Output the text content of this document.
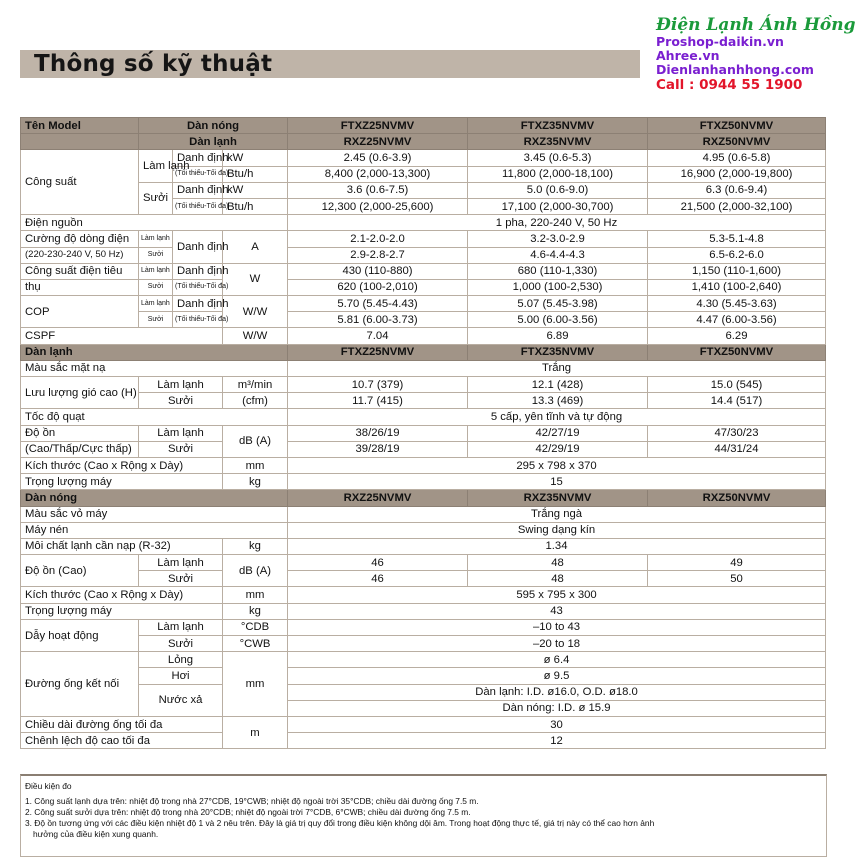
Thông số kỹ thuật
Điện Lạnh Ánh Hồng
Proshop-daikin.vn
Ahree.vn
Dienlanhanhhong.com
Call : 0944 55 1900
Tên Model	Dàn nóng			FTXZ25NVMV	FTXZ35NVMV	FTXZ50NVMV
	Dàn lạnh			RXZ25NVMV	RXZ35NVMV	RXZ50NVMV
Công suất	Làm lạnh	Danh định	kW	2.45 (0.6-3.9)	3.45 (0.6-5.3)	4.95 (0.6-5.8)
		(Tối thiểu-Tối đa)	Btu/h	8,400 (2,000-13,300)	11,800 (2,000-18,100)	16,900 (2,000-19,800)
	Sưởi	Danh định	kW	3.6 (0.6-7.5)	5.0 (0.6-9.0)	6.3 (0.6-9.4)
		(Tối thiểu-Tối đa)	Btu/h	12,300 (2,000-25,600)	17,100 (2,000-30,700)	21,500 (2,000-32,100)
Điện nguồn				1 pha, 220-240 V, 50 Hz		
Cường độ dòng điện	Làm lạnh	Danh định	A	2.1-2.0-2.0	3.2-3.0-2.9	5.3-5.1-4.8
(220-230-240 V, 50 Hz)	Sưởi			2.9-2.8-2.7	4.6-4.4-4.3	6.5-6.2-6.0
Công suất điện tiêu	Làm lạnh	Danh định	W	430 (110-880)	680 (110-1,330)	1,150 (110-1,600)
thụ	Sưởi	(Tối thiểu-Tối đa)		620 (100-2,010)	1,000 (100-2,530)	1,410 (100-2,640)
COP	Làm lạnh	Danh định	W/W	5.70 (5.45-4.43)	5.07 (5.45-3.98)	4.30 (5.45-3.63)
	Sưởi	(Tối thiểu-Tối đa)		5.81 (6.00-3.73)	5.00 (6.00-3.56)	4.47 (6.00-3.56)
CSPF			W/W	7.04	6.89	6.29
Dàn lạnh				FTXZ25NVMV	FTXZ35NVMV	FTXZ50NVMV
Màu sắc mặt nạ				Trắng		
Lưu lượng gió cao (H)	Làm lạnh		m³/min	10.7 (379)	12.1 (428)	15.0 (545)
	Sưởi		(cfm)	11.7 (415)	13.3 (469)	14.4 (517)
Tốc độ quạt				5 cấp, yên tĩnh và tự động		
Độ ồn	Làm lạnh		dB (A)	38/26/19	42/27/19	47/30/23
(Cao/Thấp/Cực thấp)	Sưởi			39/28/19	42/29/19	44/31/24
Kích thước (Cao x Rộng x Dày)			mm	295 x 798 x 370		
Trọng lượng máy			kg	15		
Dàn nóng				RXZ25NVMV	RXZ35NVMV	RXZ50NVMV
Màu sắc vỏ máy				Trắng ngà		
Máy nén				Swing dạng kín		
Môi chất lạnh cần nạp (R-32)			kg	1.34		
Độ ồn (Cao)	Làm lạnh		dB (A)	46	48	49
	Sưởi			46	48	50
Kích thước (Cao x Rộng x Dày)			mm	595 x 795 x 300		
Trọng lượng máy			kg	43		
Dẫy hoạt động	Làm lạnh		°CDB	–10 to 43		
	Sưởi		°CWB	–20 to 18		
Đường ống kết nối	Lỏng		mm	ø 6.4		
	Hơi			ø 9.5		
	Nước xả			Dàn lạnh: I.D. ø16.0, O.D. ø18.0		
				Dàn nóng: I.D. ø 15.9		
Chiều dài đường ống tối đa			m	30		
Chênh lệch độ cao tối đa				12		
Điều kiện đo
1. Công suất lạnh dựa trên: nhiệt độ trong nhà 27°CDB, 19°CWB; nhiệt độ ngoài trời 35°CDB; chiều dài đường ống 7.5 m.
2. Công suất sưởi dựa trên: nhiệt độ trong nhà 20°CDB; nhiệt độ ngoài trời 7°CDB, 6°CWB; chiều dài đường ống 7.5 m.
3. Độ ồn tương ứng với các điều kiện nhiệt độ 1 và 2 nêu trên. Đây là giá trị quy đổi trong điều kiện không dội âm. Trong hoạt động thực tế, giá trị này có thể cao hơn ảnh
hưởng của điều kiện xung quanh.
